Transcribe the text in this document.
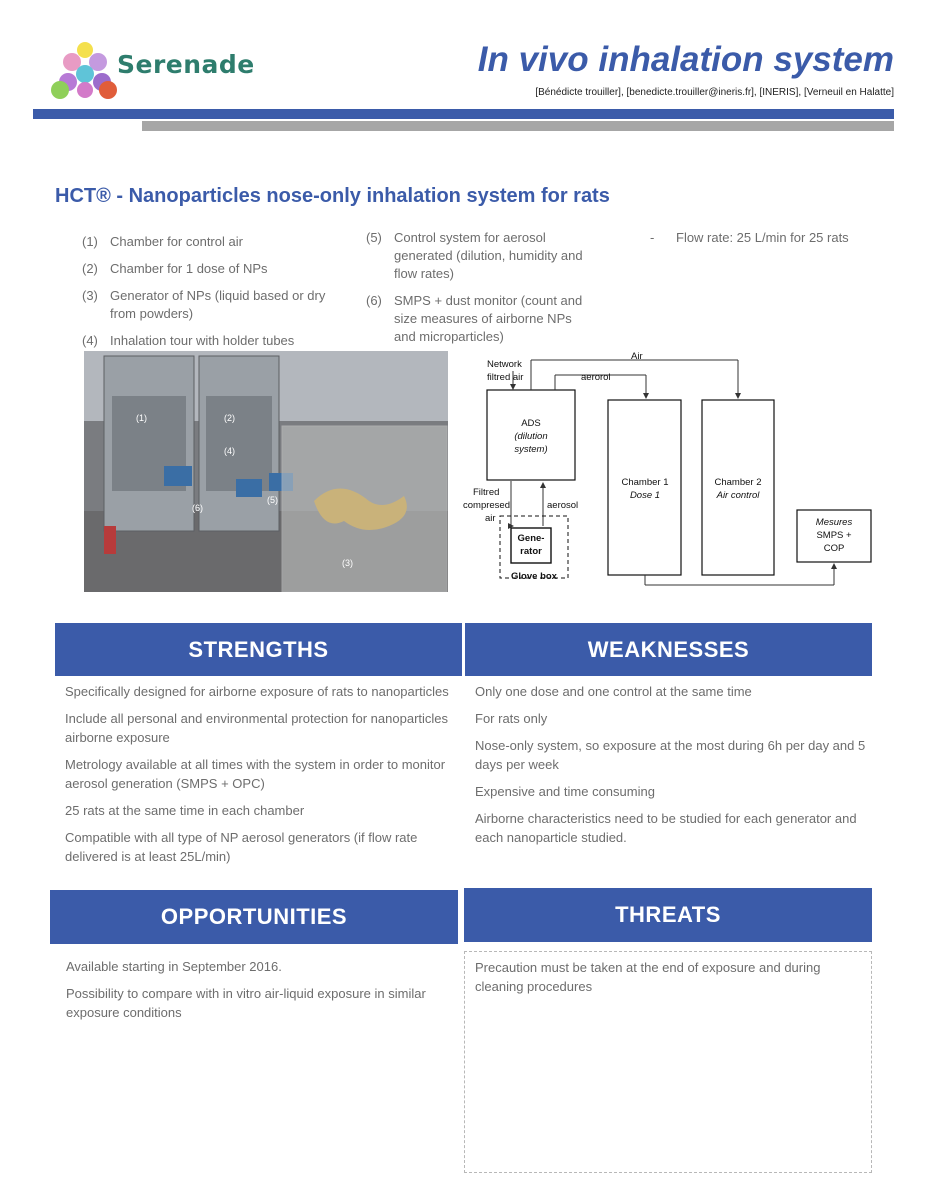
Serenade	In vivo inhalation system
[Bénédicte trouiller], [benedicte.trouiller@ineris.fr], [INERIS], [Verneuil en Halatte]
HCT® - Nanoparticles nose-only inhalation system for rats
(1) Chamber for control air
(2) Chamber for 1 dose of NPs
(3) Generator of NPs (liquid based or dry from powders)
(4) Inhalation tour with holder tubes
(5) Control system for aerosol generated (dilution, humidity and flow rates)
(6) SMPS + dust monitor (count and size measures of airborne NPs and microparticles)
-	Flow rate: 25 L/min for 25 rats
(1)	(2)
(4)
(5)
(6)
(3)
ADS
(dilution
system)
Network
filtred air
Air
aerorol
Chamber 1
Dose 1
Chamber 2
Air control
Mesures
SMPS +
COP
Filtred
compresed
air
aerosol
Gene-
rator
Glove box
STRENGTHS	WEAKNESSES

Specifically designed for airborne exposure of rats to nanoparticles

Include all personal and environmental protection for nanoparticles airborne exposure

Metrology available at all times with the system in order to monitor aerosol generation (SMPS + OPC)

25 rats at the same time in each chamber

Compatible with all type of NP aerosol generators (if flow rate delivered is at least 25L/min)

Only one dose and one control at the same time

For rats only

Nose-only system, so exposure at the most during 6h per day and 5 days per week

Expensive and time consuming

Airborne characteristics need to be studied for each generator and each nanoparticle studied.

OPPORTUNITIES	THREATS

Available starting in September 2016.

Possibility to compare with in vitro air-liquid exposure in similar exposure conditions

Precaution must be taken at the end of exposure and during cleaning procedures
